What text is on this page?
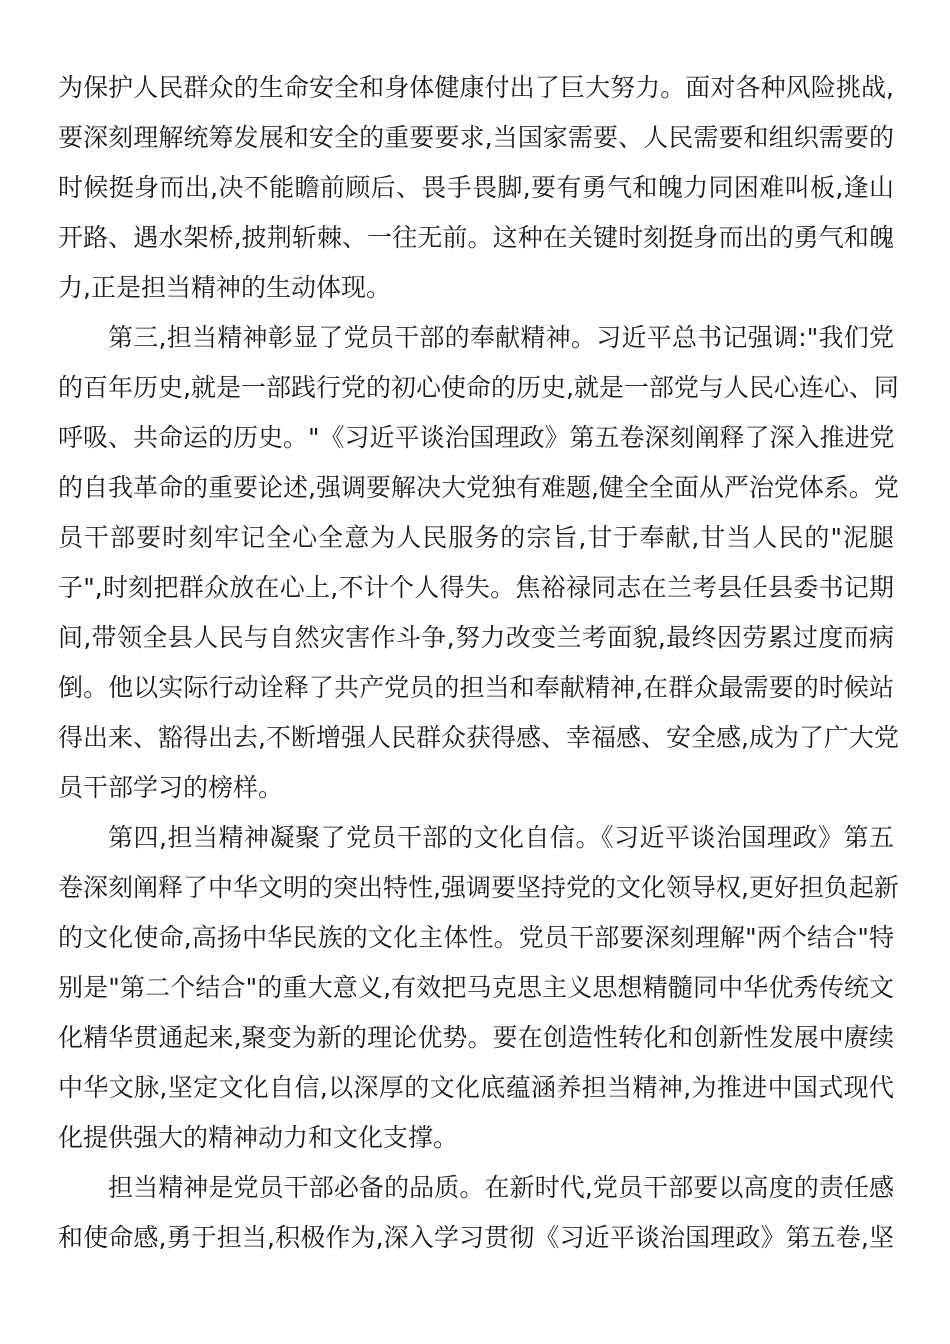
为保护人民群众的生命安全和身体健康付出了巨大努力。面对各种风险挑战,
要深刻理解统筹发展和安全的重要要求,当国家需要、人民需要和组织需要的
时候挺身而出,决不能瞻前顾后、畏手畏脚,要有勇气和魄力同困难叫板,逢山
开路、遇水架桥,披荆斩棘、一往无前。这种在关键时刻挺身而出的勇气和魄
力,正是担当精神的生动体现。
第三,担当精神彰显了党员干部的奉献精神。习近平总书记强调:"我们党
的百年历史,就是一部践行党的初心使命的历史,就是一部党与人民心连心、同
呼吸、共命运的历史。"《习近平谈治国理政》第五卷深刻阐释了深入推进党
的自我革命的重要论述,强调要解决大党独有难题,健全全面从严治党体系。党
员干部要时刻牢记全心全意为人民服务的宗旨,甘于奉献,甘当人民的"泥腿
子",时刻把群众放在心上,不计个人得失。焦裕禄同志在兰考县任县委书记期
间,带领全县人民与自然灾害作斗争,努力改变兰考面貌,最终因劳累过度而病
倒。他以实际行动诠释了共产党员的担当和奉献精神,在群众最需要的时候站
得出来、豁得出去,不断增强人民群众获得感、幸福感、安全感,成为了广大党
员干部学习的榜样。
第四,担当精神凝聚了党员干部的文化自信。《习近平谈治国理政》第五
卷深刻阐释了中华文明的突出特性,强调要坚持党的文化领导权,更好担负起新
的文化使命,高扬中华民族的文化主体性。党员干部要深刻理解"两个结合"特
别是"第二个结合"的重大意义,有效把马克思主义思想精髓同中华优秀传统文
化精华贯通起来,聚变为新的理论优势。要在创造性转化和创新性发展中赓续
中华文脉,坚定文化自信,以深厚的文化底蕴涵养担当精神,为推进中国式现代
化提供强大的精神动力和文化支撑。
担当精神是党员干部必备的品质。在新时代,党员干部要以高度的责任感
和使命感,勇于担当,积极作为,深入学习贯彻《习近平谈治国理政》第五卷,坚
